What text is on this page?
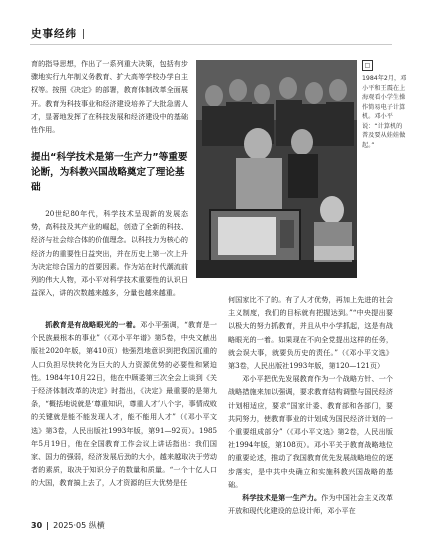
史事经纬

育的指导思想，作出了一系列重大决策，包括有步骤地实行九年制义务教育、扩大高等学校办学自主权等。按照《决定》的部署，教育体制改革全面展开。教育为科技事业和经济建设培养了大批急需人才，显著地发挥了在科技发展和经济建设中的基础性作用。

提出“科学技术是第一生产力”等重要论断，为科教兴国战略奠定了理论基础

20世纪80年代，科学技术呈现新的发展态势，高科技及其产业的崛起，创造了全新的科技、经济与社会综合体的价值理念。以科技力为核心的经济力的重要性日益突出，并在历史上第一次上升为决定综合国力的首要因素。作为站在时代潮流前列的伟大人物，邓小平对科学技术重要性的认识日益深入，讲的次数越来越多，分量也越来越重。

抓教育是有战略眼光的一着。邓小平强调，“教育是一个民族最根本的事业”（《邓小平年谱》第5卷，中央文献出版社2020年版，第410页）他强烈地意识到把我国沉重的人口负担尽快转化为巨大的人力资源优势的必要性和紧迫性。1984年10月22日，他在中顾委第三次全会上谈到《关于经济体制改革的决定》时指出，《决定》最重要的是第九条，“概括地说就是‘尊重知识，尊重人才’八个字，事情成败的关键就是能不能发现人才，能不能用人才”（《邓小平文选》第3卷，人民出版社1993年版，第91—92页）。1985年5月19日，他在全国教育工作会议上讲话指出：我们国家、国力的强弱，经济发展后劲的大小，越来越取决于劳动者的素质，取决于知识分子的数量和质量。“一个十亿人口的大国，教育搞上去了，人才资源的巨大优势是任

何国家比不了的。有了人才优势，再加上先进的社会主义制度，我们的目标就有把握达到。”“中央提出要以极大的努力抓教育，并且从中小学抓起，这是有战略眼光的一着。如果现在不向全党提出这样的任务，就会误大事，就要负历史的责任。”（《邓小平文选》第3卷，人民出版社1993年版，第120—121页）

邓小平把优先发展教育作为一个战略方针、一个战略措施来加以强调，要求教育结构调整与国民经济计划相适应，要求“国家计委、教育部和各部门，要共同努力，使教育事业的计划成为国民经济计划的一个重要组成部分”（《邓小平文选》第2卷，人民出版社1994年版，第108页）。邓小平关于教育战略地位的重要论述，推动了我国教育优先发展战略地位的逐步落实，是中共中央确立和实施科教兴国战略的基础。

科学技术是第一生产力。作为中国社会主义改革开放和现代化建设的总设计师，邓小平在

□

1984年2月，邓小平和王震在上海观看小学生操作简易电子计算机。邓小平说：“计算机的普及要从娃娃做起。”

30 2025·05 纵横
